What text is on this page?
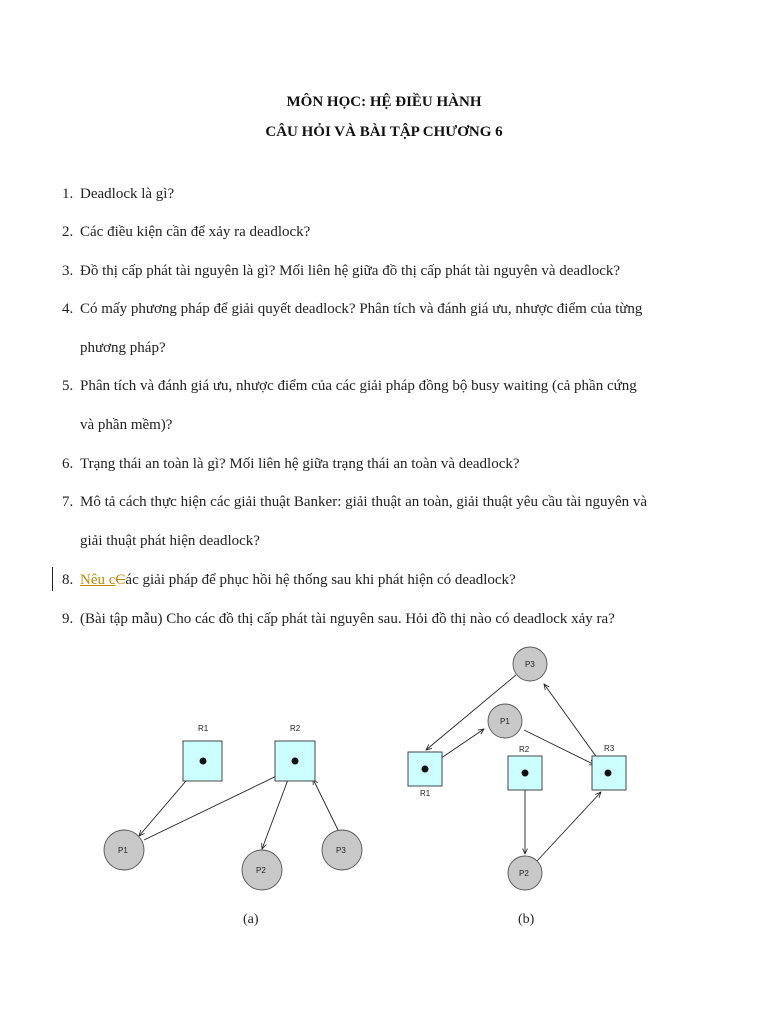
MÔN HỌC: HỆ ĐIỀU HÀNH
CÂU HỎI VÀ BÀI TẬP CHƯƠNG 6
1. Deadlock là gì?
2. Các điều kiện cần để xảy ra deadlock?
3. Đồ thị cấp phát tài nguyên là gì? Mối liên hệ giữa đồ thị cấp phát tài nguyên và deadlock?
4. Có mấy phương pháp để giải quyết deadlock? Phân tích và đánh giá ưu, nhược điểm của từng
phương pháp?
5. Phân tích và đánh giá ưu, nhược điểm của các giải pháp đồng bộ busy waiting (cả phần cứng
và phần mềm)?
6. Trạng thái an toàn là gì? Mối liên hệ giữa trạng thái an toàn và deadlock?
7. Mô tả cách thực hiện các giải thuật Banker: giải thuật an toàn, giải thuật yêu cầu tài nguyên và
giải thuật phát hiện deadlock?
8. Nêu cCác giải pháp để phục hồi hệ thống sau khi phát hiện có deadlock?
9. (Bài tập mẫu) Cho các đồ thị cấp phát tài nguyên sau. Hỏi đồ thị nào có deadlock xảy ra?
R1	R2
P1
P2
P3
(a)
R1
R2	R3
P1
P2
P3
(b)
